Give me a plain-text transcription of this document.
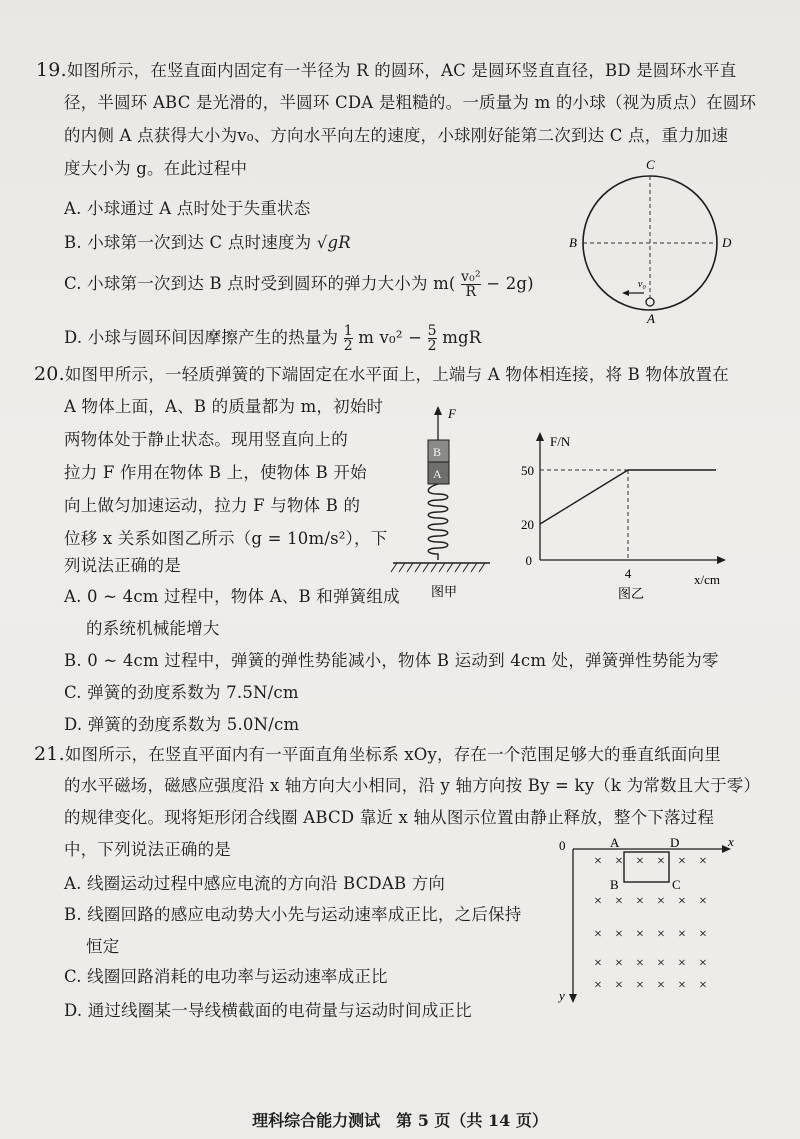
19.如图所示，在竖直面内固定有一半径为 R 的圆环，AC 是圆环竖直直径，BD 是圆环水平直
径，半圆环 ABC 是光滑的，半圆环 CDA 是粗糙的。一质量为 m 的小球（视为质点）在圆环
的内侧 A 点获得大小为v₀、方向水平向左的速度，小球刚好能第二次到达 C 点，重力加速
度大小为 g。在此过程中
A. 小球通过 A 点时处于失重状态
B. 小球第一次到达 C 点时速度为 √gR
C. 小球第一次到达 B 点时受到圆环的弹力大小为 $m( \frac{\text{v₀²}}{R} - 2g)$
D. 小球与圆环间因摩擦产生的热量为 $\frac{1}{2}$ m $v_0^2 - \frac{5}{2}$ mgR
C
B	D
A
v₀
20.如图甲所示，一轻质弹簧的下端固定在水平面上，上端与 A 物体相连接，将 B 物体放置在
A 物体上面，A、B 的质量都为 m，初始时
两物体处于静止状态。现用竖直向上的
拉力 F 作用在物体 B 上，使物体 B 开始
向上做匀加速运动，拉力 F 与物体 B 的
位移 x 关系如图乙所示（g = 10m/s²），下
列说法正确的是
A. 0 ~ 4cm 过程中，物体 A、B 和弹簧组成
的系统机械能增大
B. 0 ~ 4cm 过程中，弹簧的弹性势能减小，物体 B 运动到 4cm 处，弹簧弹性势能为零
C. 弹簧的劲度系数为 7.5N/cm
D. 弹簧的劲度系数为 5.0N/cm
F
B
A
图甲
F/N
50
20
0
4	x/cm
图乙
21.如图所示，在竖直平面内有一平面直角坐标系 xOy，存在一个范围足够大的垂直纸面向里
的水平磁场，磁感应强度沿 x 轴方向大小相同，沿 y 轴方向按 By = ky（k 为常数且大于零）
的规律变化。现将矩形闭合线圈 ABCD 靠近 x 轴从图示位置由静止释放，整个下落过程
中，下列说法正确的是
A. 线圈运动过程中感应电流的方向沿 BCDAB 方向
B. 线圈回路的感应电动势大小先与运动速率成正比，之后保持
恒定
C. 线圈回路消耗的电功率与运动速率成正比
D. 通过线圈某一导线横截面的电荷量与运动时间成正比
0	x
y
A	D
B	C
× × × × × ×
× × × × × ×
× × × × × ×
× × × × × ×
× × × × × ×
理科综合能力测试　第 5 页（共 14 页）
